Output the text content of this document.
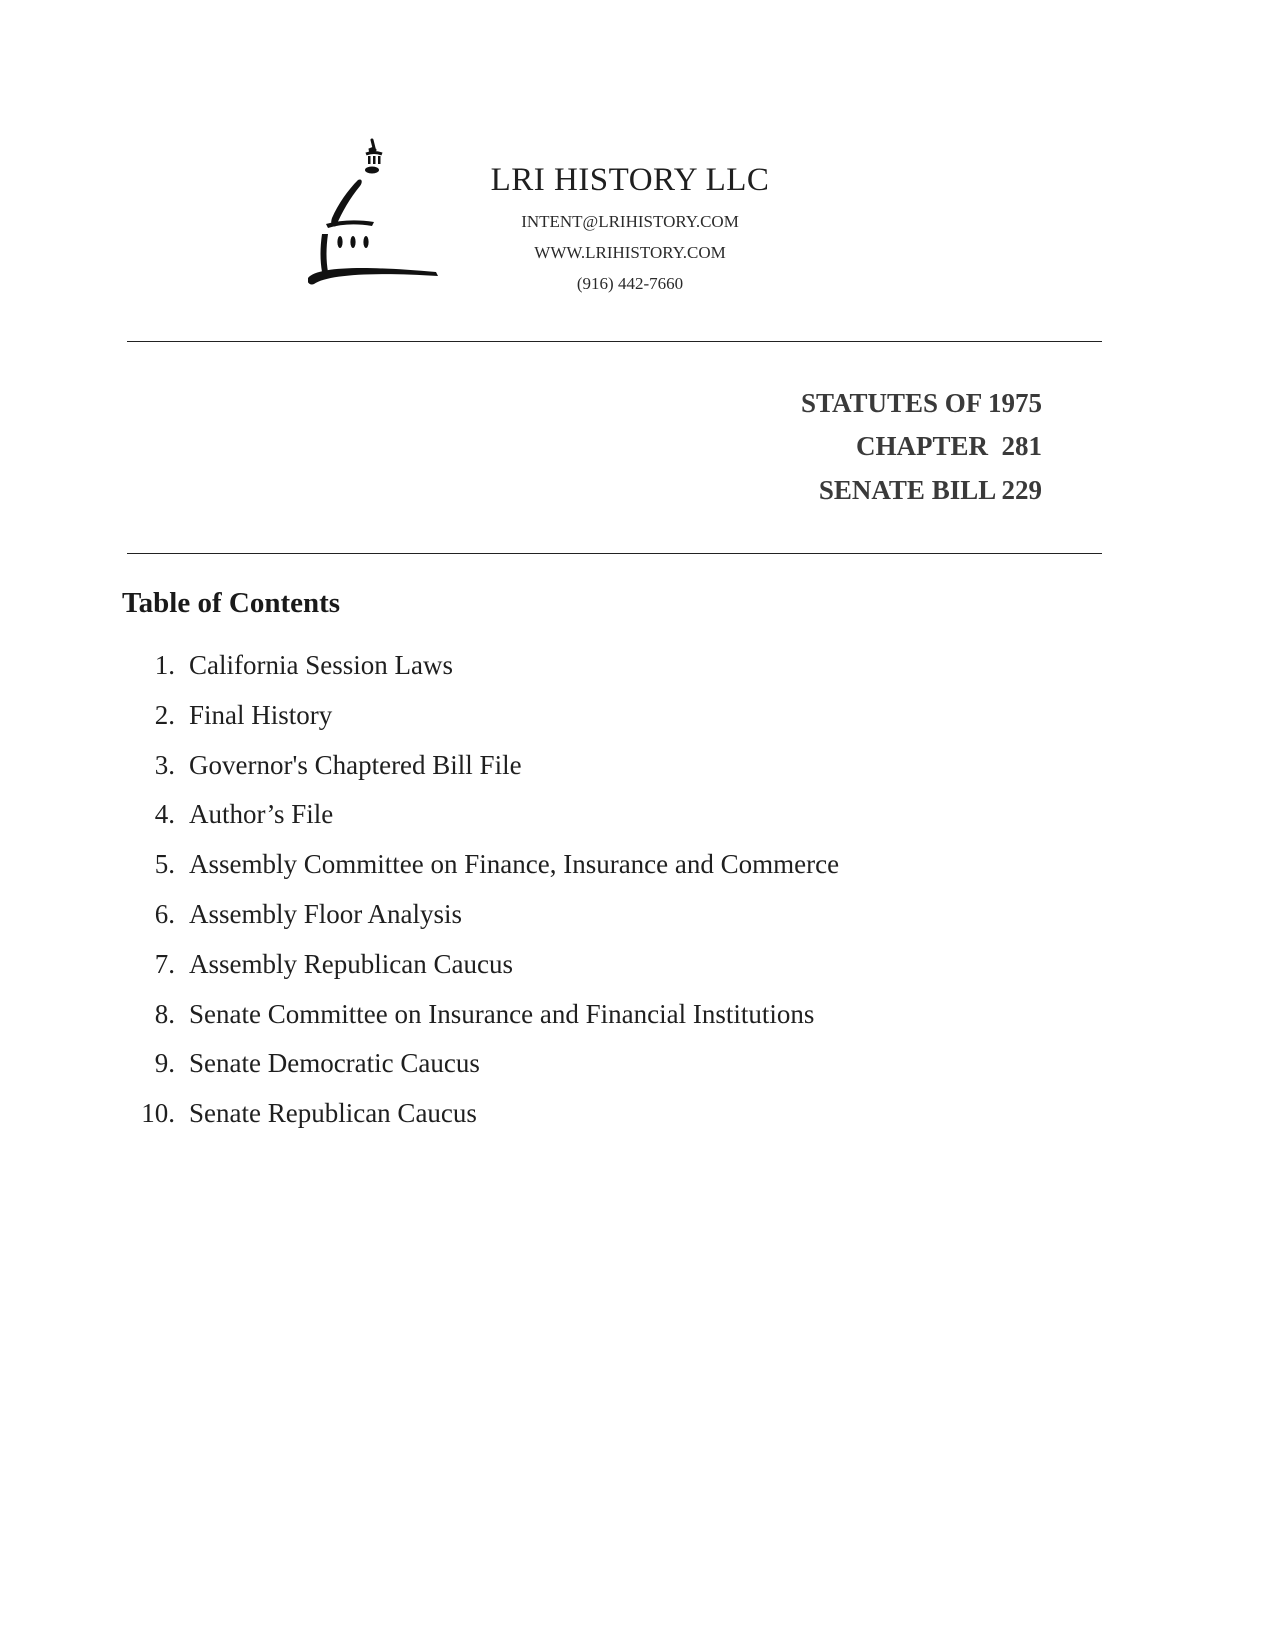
LRI HISTORY LLC
INTENT@LRIHISTORY.COM
WWW.LRIHISTORY.COM
(916) 442-7660
STATUTES OF 1975
CHAPTER  281
SENATE BILL 229
Table of Contents
1. California Session Laws
2. Final History
3. Governor's Chaptered Bill File
4. Author’s File
5. Assembly Committee on Finance, Insurance and Commerce
6. Assembly Floor Analysis
7. Assembly Republican Caucus
8. Senate Committee on Insurance and Financial Institutions
9. Senate Democratic Caucus
10. Senate Republican Caucus
